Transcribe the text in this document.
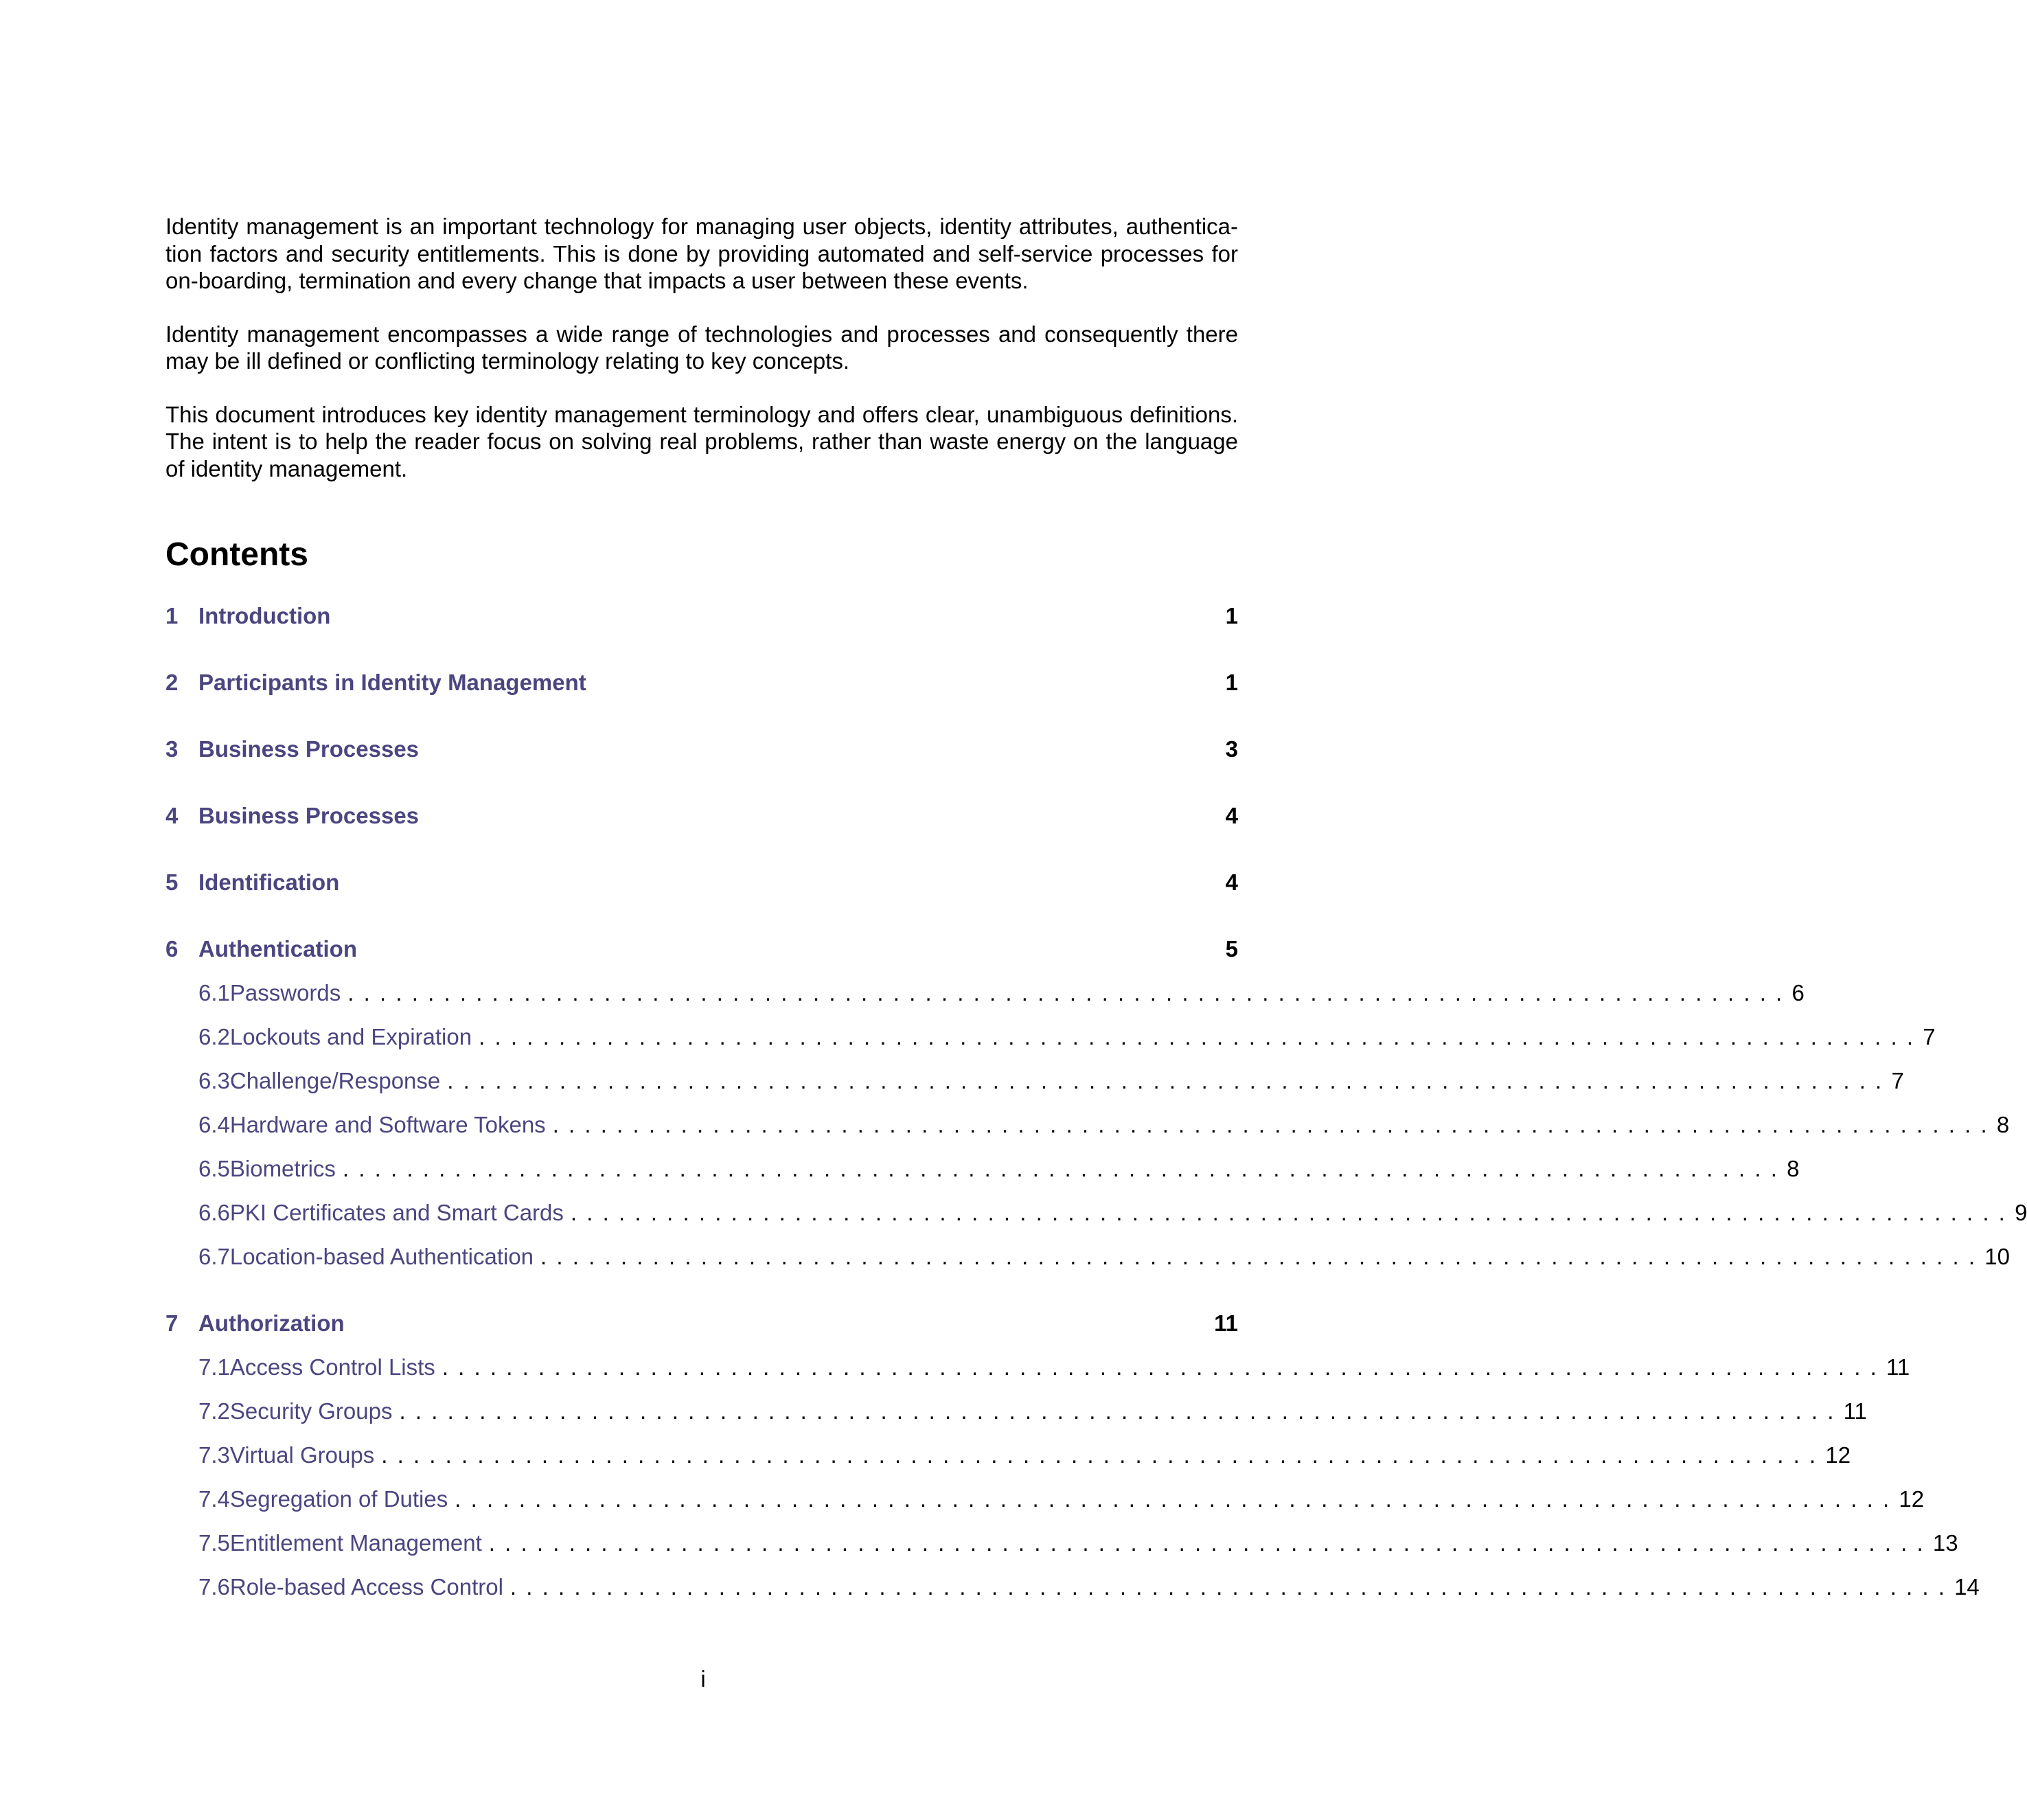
Identity management is an important technology for managing user objects, identity attributes, authentica-tion factors and security entitlements. This is done by providing automated and self-service processes for on-boarding, termination and every change that impacts a user between these events.

Identity management encompasses a wide range of technologies and processes and consequently there may be ill defined or conflicting terminology relating to key concepts.

This document introduces key identity management terminology and offers clear, unambiguous definitions. The intent is to help the reader focus on solving real problems, rather than waste energy on the language of identity management.

Contents
1 Introduction	1
2 Participants in Identity Management	1
3 Business Processes	3
4 Business Processes	4
5 Identification	4
6 Authentication	5
6.1 Passwords .......................................................................................... 6
6.2 Lockouts and Expiration .......................................................................................... 7
6.3 Challenge/Response .......................................................................................... 7
6.4 Hardware and Software Tokens .......................................................................................... 8
6.5 Biometrics .......................................................................................... 8
6.6 PKI Certificates and Smart Cards .......................................................................................... 9
6.7 Location-based Authentication .......................................................................................... 10
7 Authorization	11
7.1 Access Control Lists .......................................................................................... 11
7.2 Security Groups .......................................................................................... 11
7.3 Virtual Groups .......................................................................................... 12
7.4 Segregation of Duties .......................................................................................... 12
7.5 Entitlement Management .......................................................................................... 13
7.6 Role-based Access Control .......................................................................................... 14
i
